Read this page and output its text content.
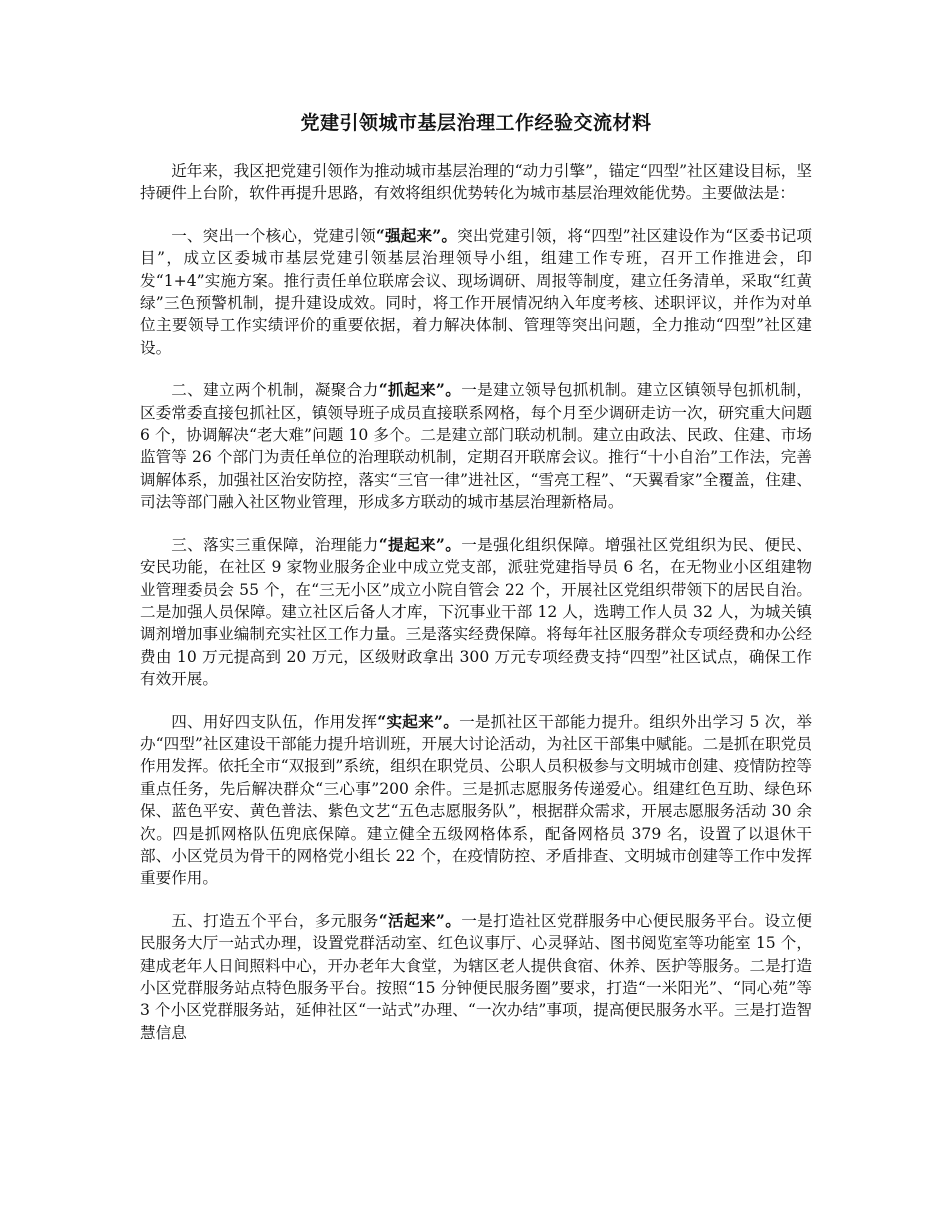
党建引领城市基层治理工作经验交流材料

近年来，我区把党建引领作为推动城市基层治理的“动力引擎”，锚定“四型”社区建设目标，坚持硬件上台阶，软件再提升思路，有效将组织优势转化为城市基层治理效能优势。主要做法是：

一、突出一个核心，党建引领“强起来”。突出党建引领，将“四型”社区建设作为“区委书记项目”，成立区委城市基层党建引领基层治理领导小组，组建工作专班，召开工作推进会，印发“1+4”实施方案。推行责任单位联席会议、现场调研、周报等制度，建立任务清单，采取“红黄绿”三色预警机制，提升建设成效。同时，将工作开展情况纳入年度考核、述职评议，并作为对单位主要领导工作实绩评价的重要依据，着力解决体制、管理等突出问题，全力推动“四型”社区建设。

二、建立两个机制，凝聚合力“抓起来”。一是建立领导包抓机制。建立区镇领导包抓机制，区委常委直接包抓社区，镇领导班子成员直接联系网格，每个月至少调研走访一次，研究重大问题 6 个，协调解决“老大难”问题 10 多个。二是建立部门联动机制。建立由政法、民政、住建、市场监管等 26 个部门为责任单位的治理联动机制，定期召开联席会议。推行“十小自治”工作法，完善调解体系，加强社区治安防控，落实“三官一律”进社区，“雪亮工程”、“天翼看家”全覆盖，住建、司法等部门融入社区物业管理，形成多方联动的城市基层治理新格局。

三、落实三重保障，治理能力“提起来”。一是强化组织保障。增强社区党组织为民、便民、安民功能，在社区 9 家物业服务企业中成立党支部，派驻党建指导员 6 名，在无物业小区组建物业管理委员会 55 个，在“三无小区”成立小院自管会 22 个，开展社区党组织带领下的居民自治。二是加强人员保障。建立社区后备人才库，下沉事业干部 12 人，选聘工作人员 32 人，为城关镇调剂增加事业编制充实社区工作力量。三是落实经费保障。将每年社区服务群众专项经费和办公经费由 10 万元提高到 20 万元，区级财政拿出 300 万元专项经费支持“四型”社区试点，确保工作有效开展。

四、用好四支队伍，作用发挥“实起来”。一是抓社区干部能力提升。组织外出学习 5 次，举办“四型”社区建设干部能力提升培训班，开展大讨论活动，为社区干部集中赋能。二是抓在职党员作用发挥。依托全市“双报到”系统，组织在职党员、公职人员积极参与文明城市创建、疫情防控等重点任务，先后解决群众“三心事”200 余件。三是抓志愿服务传递爱心。组建红色互助、绿色环保、蓝色平安、黄色普法、紫色文艺“五色志愿服务队”，根据群众需求，开展志愿服务活动 30 余次。四是抓网格队伍兜底保障。建立健全五级网格体系，配备网格员 379 名，设置了以退休干部、小区党员为骨干的网格党小组长 22 个，在疫情防控、矛盾排查、文明城市创建等工作中发挥重要作用。

五、打造五个平台，多元服务“活起来”。一是打造社区党群服务中心便民服务平台。设立便民服务大厅一站式办理，设置党群活动室、红色议事厅、心灵驿站、图书阅览室等功能室 15 个，建成老年人日间照料中心，开办老年大食堂，为辖区老人提供食宿、休养、医护等服务。二是打造小区党群服务站点特色服务平台。按照“15 分钟便民服务圈”要求，打造“一米阳光”、“同心苑”等 3 个小区党群服务站，延伸社区“一站式”办理、“一次办结”事项，提高便民服务水平。三是打造智慧信息
